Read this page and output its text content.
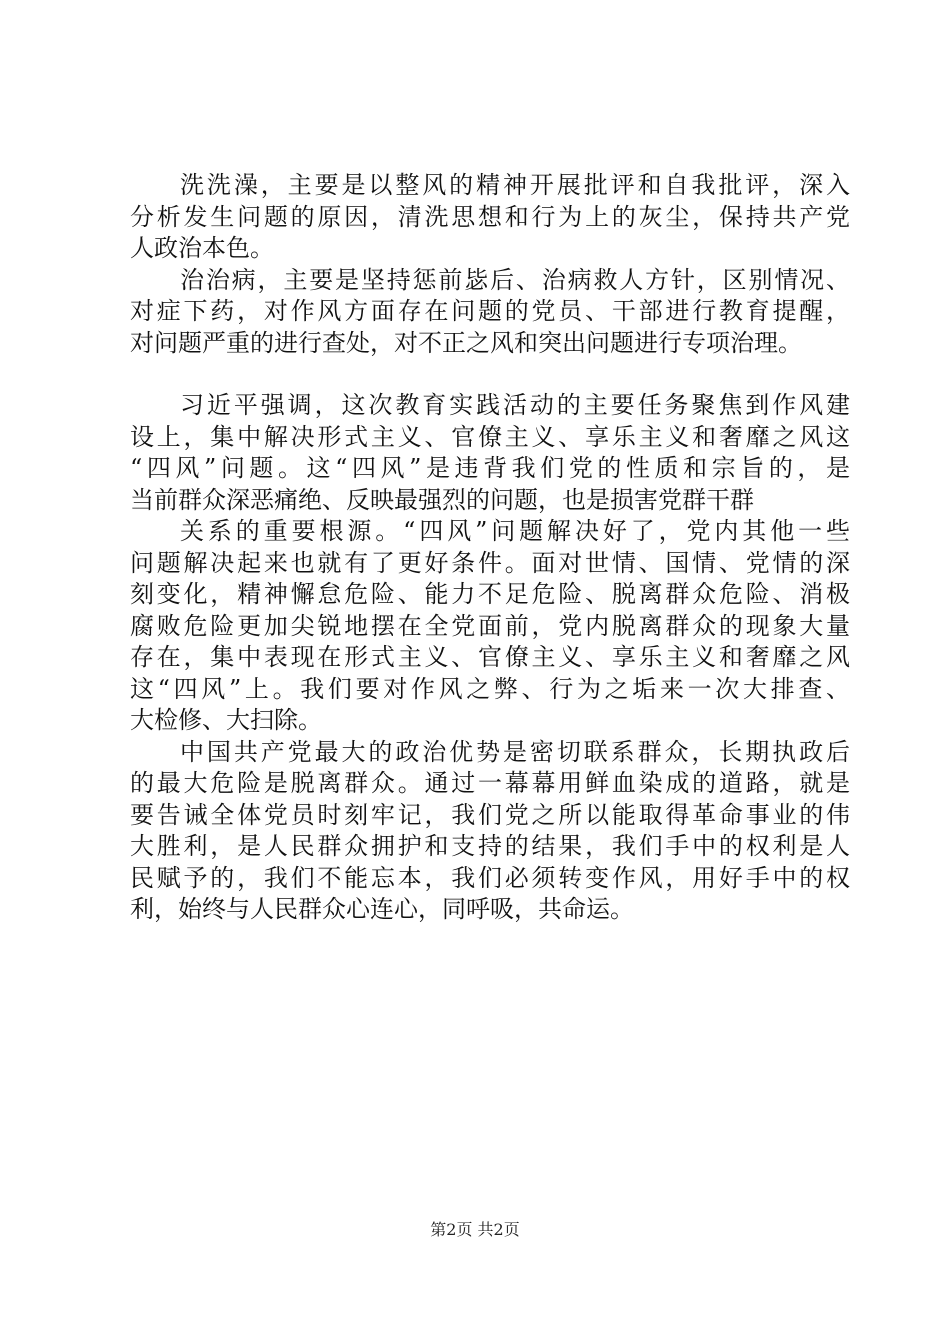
洗洗澡，主要是以整风的精神开展批评和自我批评，深入
分析发生问题的原因，清洗思想和行为上的灰尘，保持共产党
人政治本色。
治治病，主要是坚持惩前毖后、治病救人方针，区别情况、
对症下药，对作风方面存在问题的党员、干部进行教育提醒，
对问题严重的进行查处，对不正之风和突出问题进行专项治理。
习近平强调，这次教育实践活动的主要任务聚焦到作风建
设上，集中解决形式主义、官僚主义、享乐主义和奢靡之风这
“四风”问题。这“四风”是违背我们党的性质和宗旨的，是
当前群众深恶痛绝、反映最强烈的问题，也是损害党群干群
关系的重要根源。“四风”问题解决好了，党内其他一些
问题解决起来也就有了更好条件。面对世情、国情、党情的深
刻变化，精神懈怠危险、能力不足危险、脱离群众危险、消极
腐败危险更加尖锐地摆在全党面前，党内脱离群众的现象大量
存在，集中表现在形式主义、官僚主义、享乐主义和奢靡之风
这“四风”上。我们要对作风之弊、行为之垢来一次大排查、
大检修、大扫除。
中国共产党最大的政治优势是密切联系群众，长期执政后
的最大危险是脱离群众。通过一幕幕用鲜血染成的道路，就是
要告诫全体党员时刻牢记，我们党之所以能取得革命事业的伟
大胜利，是人民群众拥护和支持的结果，我们手中的权利是人
民赋予的，我们不能忘本，我们必须转变作风，用好手中的权
利，始终与人民群众心连心，同呼吸，共命运。
第2页 共2页
